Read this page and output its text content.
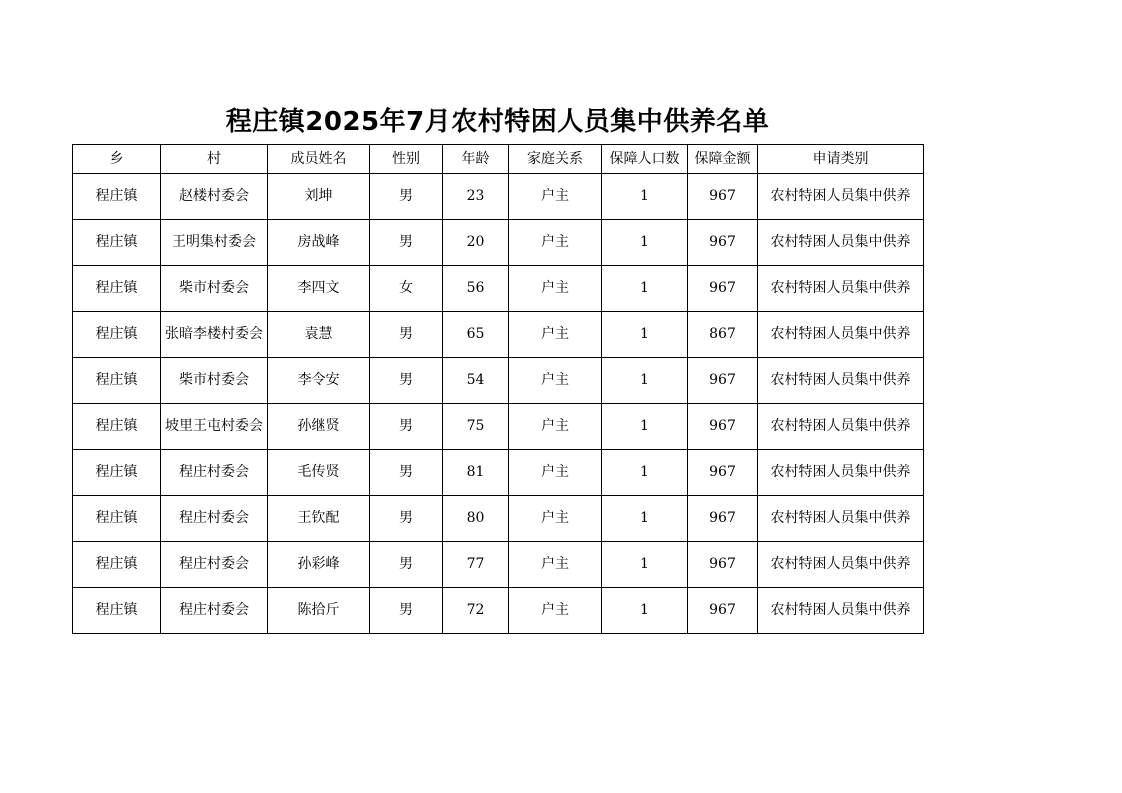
程庄镇2025年7月农村特困人员集中供养名单
乡	村	成员姓名	性别	年龄	家庭关系	保障人口数	保障金额	申请类别
程庄镇	赵楼村委会	刘坤	男	23	户主	1	967	农村特困人员集中供养
程庄镇	王明集村委会	房战峰	男	20	户主	1	967	农村特困人员集中供养
程庄镇	柴市村委会	李四文	女	56	户主	1	967	农村特困人员集中供养
程庄镇	张暗李楼村委会	袁慧	男	65	户主	1	867	农村特困人员集中供养
程庄镇	柴市村委会	李令安	男	54	户主	1	967	农村特困人员集中供养
程庄镇	坡里王屯村委会	孙继贤	男	75	户主	1	967	农村特困人员集中供养
程庄镇	程庄村委会	毛传贤	男	81	户主	1	967	农村特困人员集中供养
程庄镇	程庄村委会	王钦配	男	80	户主	1	967	农村特困人员集中供养
程庄镇	程庄村委会	孙彩峰	男	77	户主	1	967	农村特困人员集中供养
程庄镇	程庄村委会	陈拾斤	男	72	户主	1	967	农村特困人员集中供养
